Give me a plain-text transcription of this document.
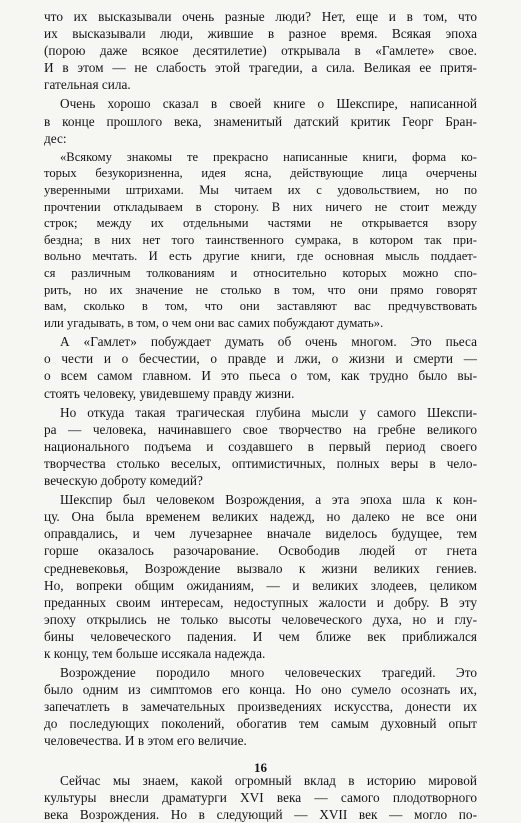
что их высказывали очень разные люди? Нет, еще и в том, что
их высказывали люди, жившие в разное время. Всякая эпоха
(порою даже всякое десятилетие) открывала в «Гамлете» свое.
И в этом — не слабость этой трагедии, а сила. Великая ее притя-
гательная сила.
Очень хорошо сказал в своей книге о Шекспире, написанной
в конце прошлого века, знаменитый датский критик Георг Бран-
дес:
«Всякому знакомы те прекрасно написанные книги, форма ко-
торых безукоризненна, идея ясна, действующие лица очерчены
уверенными штрихами. Мы читаем их с удовольствием, но по
прочтении откладываем в сторону. В них ничего не стоит между
строк; между их отдельными частями не открывается взору
бездна; в них нет того таинственного сумрака, в котором так при-
вольно мечтать. И есть другие книги, где основная мысль поддает-
ся различным толкованиям и относительно которых можно спо-
рить, но их значение не столько в том, что они прямо говорят
вам, сколько в том, что они заставляют вас предчувствовать
или угадывать, в том, о чем они вас самих побуждают думать».
А «Гамлет» побуждает думать об очень многом. Это пьеса
о чести и о бесчестии, о правде и лжи, о жизни и смерти —
о всем самом главном. И это пьеса о том, как трудно было вы-
стоять человеку, увидевшему правду жизни.
Но откуда такая трагическая глубина мысли у самого Шекспи-
ра — человека, начинавшего свое творчество на гребне великого
национального подъема и создавшего в первый период своего
творчества столько веселых, оптимистичных, полных веры в чело-
веческую доброту комедий?
Шекспир был человеком Возрождения, а эта эпоха шла к кон-
цу. Она была временем великих надежд, но далеко не все они
оправдались, и чем лучезарнее вначале виделось будущее, тем
горше оказалось разочарование. Освободив людей от гнета
средневековья, Возрождение вызвало к жизни великих гениев.
Но, вопреки общим ожиданиям, — и великих злодеев, целиком
преданных своим интересам, недоступных жалости и добру. В эту
эпоху открылись не только высоты человеческого духа, но и глу-
бины человеческого падения. И чем ближе век приближался
к концу, тем больше иссякала надежда.
Возрождение породило много человеческих трагедий. Это
было одним из симптомов его конца. Но оно сумело осознать их,
запечатлеть в замечательных произведениях искусства, донести их
до последующих поколений, обогатив тем самым духовный опыт
человечества. И в этом его величие.
Сейчас мы знаем, какой огромный вклад в историю мировой
культуры внесли драматурги XVI века — самого плодотворного
века Возрождения. Но в следующий — XVII век — могло по-
16
